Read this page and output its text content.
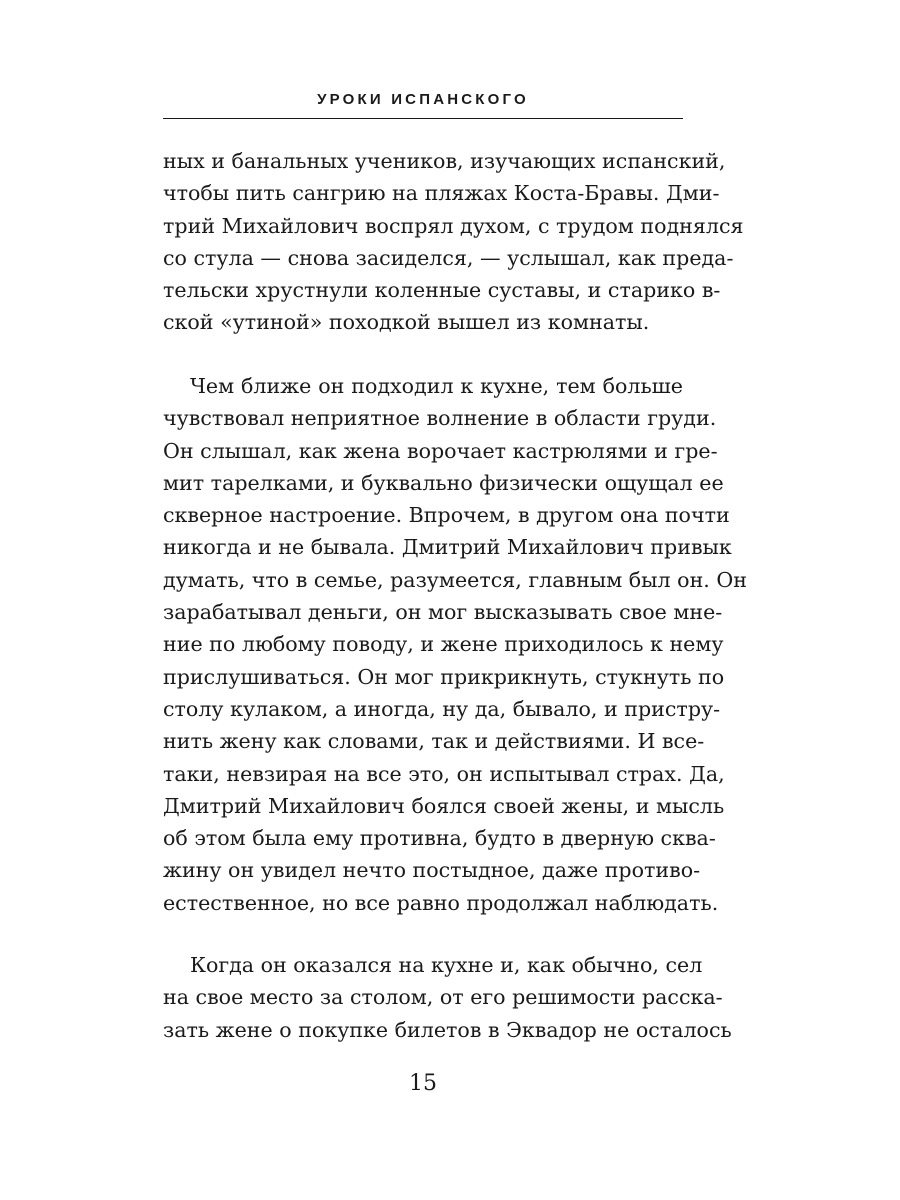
УРОКИ ИСПАНСКОГО
ных и банальных учеников, изучающих испанский,
чтобы пить сангрию на пляжах Коста-Бравы. Дми-
трий Михайлович воспрял духом, с трудом поднялся
со стула — снова засиделся, — услышал, как преда-
тельски хрустнули коленные суставы, и старико в-
ской «утиной» походкой вышел из комнаты.
Чем ближе он подходил к кухне, тем больше
чувствовал неприятное волнение в области груди.
Он слышал, как жена ворочает кастрюлями и гре-
мит тарелками, и буквально физически ощущал ее
скверное настроение. Впрочем, в другом она почти
никогда и не бывала. Дмитрий Михайлович привык
думать, что в семье, разумеется, главным был он. Он
зарабатывал деньги, он мог высказывать свое мне-
ние по любому поводу, и жене приходилось к нему
прислушиваться. Он мог прикрикнуть, стукнуть по
столу кулаком, а иногда, ну да, бывало, и пристру-
нить жену как словами, так и действиями. И все-
таки, невзирая на все это, он испытывал страх. Да,
Дмитрий Михайлович боялся своей жены, и мысль
об этом была ему противна, будто в дверную сква-
жину он увидел нечто постыдное, даже противо-
естественное, но все равно продолжал наблюдать.
Когда он оказался на кухне и, как обычно, сел
на свое место за столом, от его решимости расска-
зать жене о покупке билетов в Эквадор не осталось
15
